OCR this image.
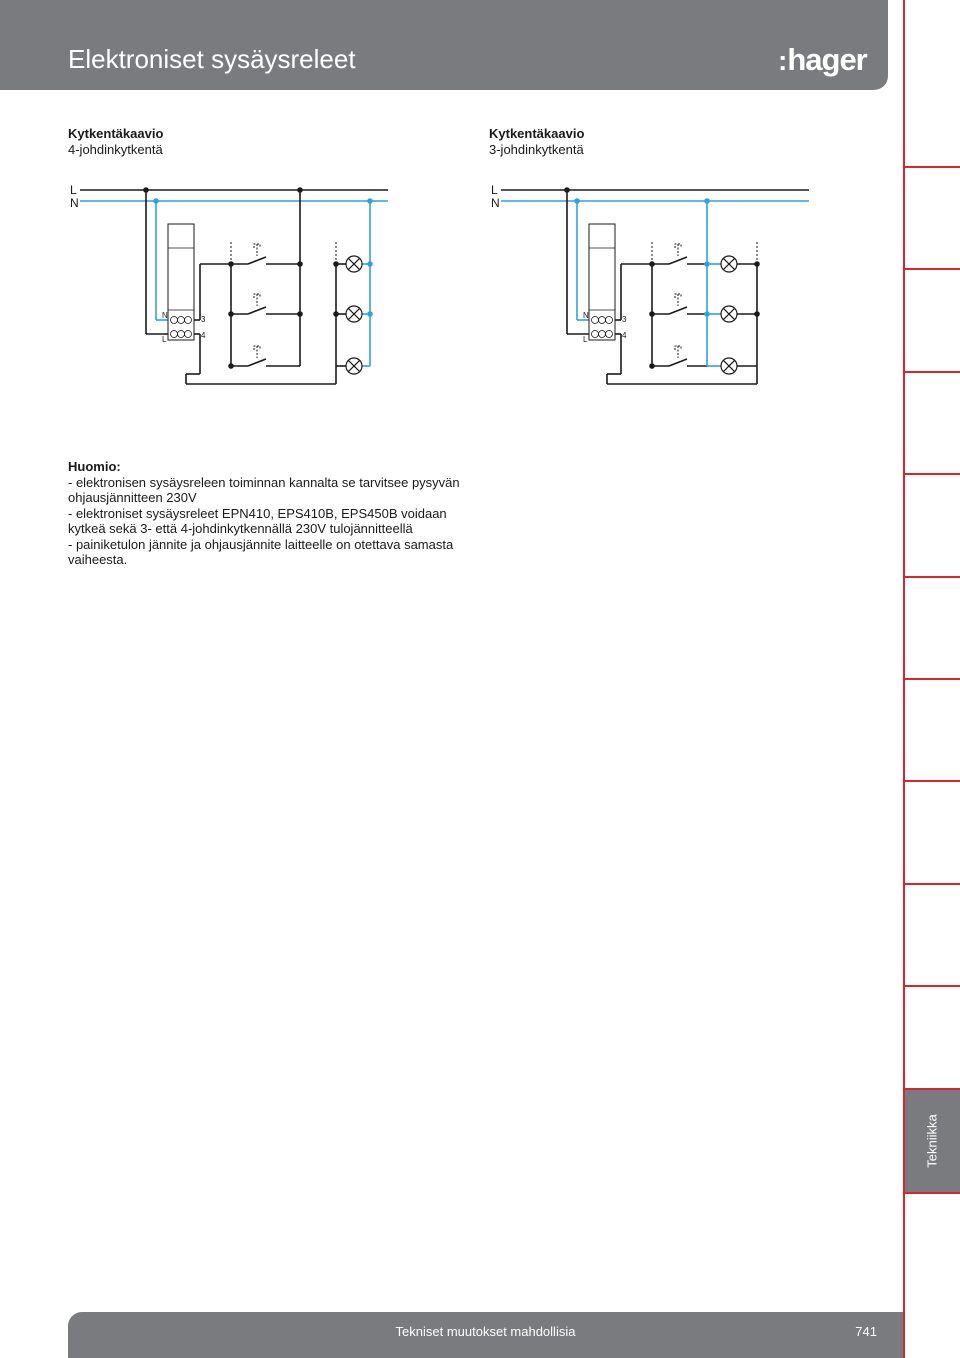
Elektroniset sysäysreleet	:hager
Kytkentäkaavio
4-johdinkytkentä
Kytkentäkaavio
3-johdinkytkentä
L
N
N
L
3
4
L
N
N
L
3
4
Huomio:
- elektronisen sysäysreleen toiminnan kannalta se tarvitsee pysyvän
ohjausjännitteen 230V
- elektroniset sysäysreleet EPN410, EPS410B, EPS450B voidaan
kytkeä sekä 3- että 4-johdinkytkennällä 230V tulojännitteellä
- painiketulon jännite ja ohjausjännite laitteelle on otettava samasta
vaiheesta.
Tekniikka
Tekniset muutokset mahdollisia	741
